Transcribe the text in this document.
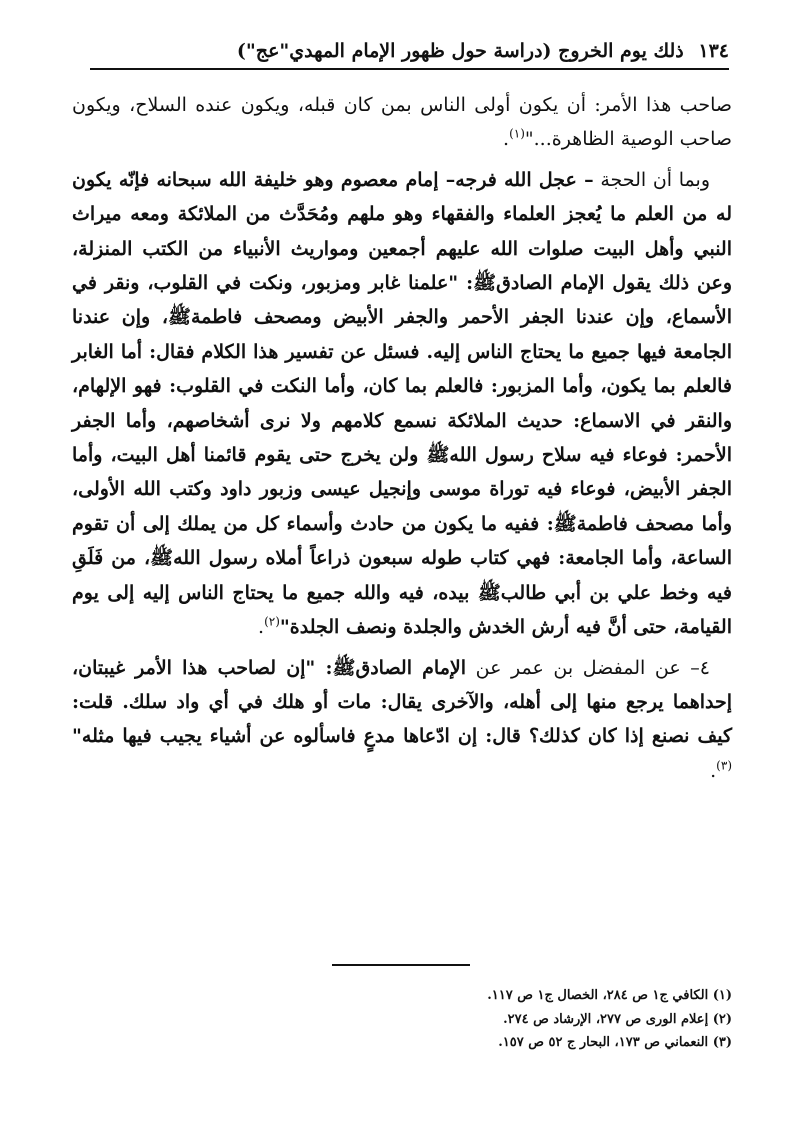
١٣٤ ذلك يوم الخروج (دراسة حول ظهور الإمام المهدي"عج")

صاحب هذا الأمر: أن يكون أولى الناس بمن كان قبله، ويكون عنده السلاح، ويكون صاحب الوصية الظاهرة..."$^{(١)}$.

وبما أن الحجة – عجل الله فرجه– إمام معصوم وهو خليفة الله سبحانه فإنّه يكون له من العلم ما يُعجز العلماء والفقهاء وهو ملهم ومُحَدَّث من الملائكة ومعه ميراث النبي وأهل البيت صلوات الله عليهم أجمعين ومواريث الأنبياء من الكتب المنزلة، وعن ذلك يقول الإمام الصادقﷺ: "علمنا غابر ومزبور، ونكت في القلوب، ونقر في الأسماع، وإن عندنا الجفر الأحمر والجفر الأبيض ومصحف فاطمةﷺ، وإن عندنا الجامعة فيها جميع ما يحتاج الناس إليه. فسئل عن تفسير هذا الكلام فقال: أما الغابر فالعلم بما يكون، وأما المزبور: فالعلم بما كان، وأما النكت في القلوب: فهو الإلهام، والنقر في الاسماع: حديث الملائكة نسمع كلامهم ولا نرى أشخاصهم، وأما الجفر الأحمر: فوعاء فيه سلاح رسول اللهﷺ ولن يخرج حتى يقوم قائمنا أهل البيت، وأما الجفر الأبيض، فوعاء فيه توراة موسى وإنجيل عيسى وزبور داود وكتب الله الأولى، وأما مصحف فاطمةﷺ: ففيه ما يكون من حادث وأسماء كل من يملك إلى أن تقوم الساعة، وأما الجامعة: فهي كتاب طوله سبعون ذراعاً أملاه رسول اللهﷺ، من فَلَقِ فيه وخط علي بن أبي طالبﷺ بيده، فيه والله جميع ما يحتاج الناس إليه إلى يوم القيامة، حتى أنَّ فيه أرش الخدش والجلدة ونصف الجلدة"$^{(٢)}$.

٤– عن المفضل بن عمر عن الإمام الصادقﷺ: "إن لصاحب هذا الأمر غيبتان، إحداهما يرجع منها إلى أهله، والآخرى يقال: مات أو هلك في أي واد سلك. قلت: كيف نصنع إذا كان كذلك؟ قال: إن ادّعاها مدعٍ فاسألوه عن أشياء يجيب فيها مثله"$^{(٣)}$.

(١) الكافي ج١ ص ٢٨٤، الخصال ج١ ص ١١٧.

(٢) إعلام الورى ص ٢٧٧، الإرشاد ص ٢٧٤.

(٣) النعماني ص ١٧٣، البحار ج ٥٢ ص ١٥٧.
